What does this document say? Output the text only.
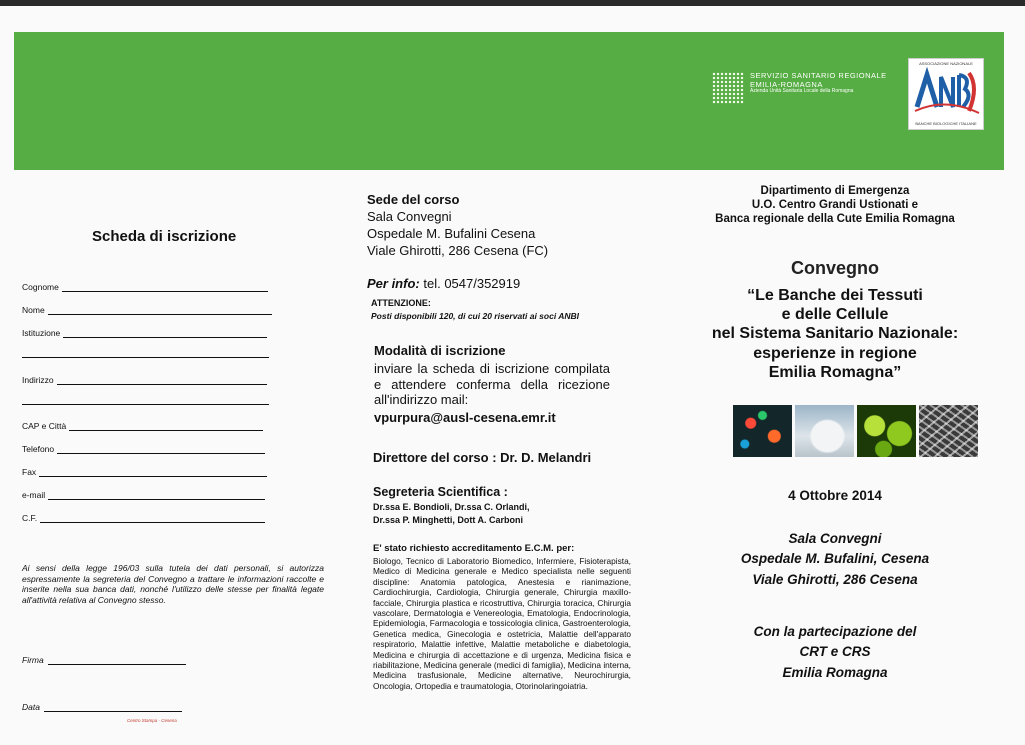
SERVIZIO SANITARIO REGIONALE
EMILIA-ROMAGNA
Azienda Unità Sanitaria Locale della Romagna
ASSOCIAZIONE NAZIONALE
BANCHE BIOLOGICHE ITALIANE
Scheda di iscrizione
Cognome
Nome
Istituzione
Indirizzo
CAP e Città
Telefono
Fax
e-mail
C.F.
Ai sensi della legge 196/03 sulla tutela dei dati personali, si autorizza espressamente la segreteria del Convegno a trattare le informazioni raccolte e inserite nella sua banca dati, nonché l'utilizzo delle stesse per finalità legate all'attività relativa al Convegno stesso.
Firma
Data
Centro Stampa · Cesena
Sede del corso
Sala Convegni
Ospedale M. Bufalini Cesena
Viale Ghirotti, 286 Cesena (FC)
Per info: tel. 0547/352919
ATTENZIONE:
Posti disponibili 120, di cui 20 riservati ai soci ANBI
Modalità di iscrizione
inviare la scheda di iscrizione compilata e attendere conferma della ricezione all'indirizzo mail:
vpurpura@ausl-cesena.emr.it
Direttore del corso : Dr. D. Melandri
Segreteria Scientifica :
Dr.ssa E. Bondioli, Dr.ssa C. Orlandi,
Dr.ssa P. Minghetti, Dott A. Carboni
E' stato richiesto accreditamento E.C.M. per:
Biologo, Tecnico di Laboratorio Biomedico, Infermiere, Fisioterapista, Medico di Medicina generale e Medico specialista nelle seguenti discipline: Anatomia patologica, Anestesia e rianimazione, Cardiochirurgia, Cardiologia, Chirurgia generale, Chirurgia maxillo-facciale, Chirurgia plastica e ricostruttiva, Chirurgia toracica, Chirurgia vascolare, Dermatologia e Venereologia, Ematologia, Endocrinologia, Epidemiologia, Farmacologia e tossicologia clinica, Gastroenterologia, Genetica medica, Ginecologia e ostetricia, Malattie dell'apparato respiratorio, Malattie infettive, Malattie metaboliche e diabetologia, Medicina e chirurgia di accettazione e di urgenza, Medicina fisica e riabilitazione, Medicina generale (medici di famiglia), Medicina interna, Medicina trasfusionale, Medicine alternative, Neurochirurgia, Oncologia, Ortopedia e traumatologia, Otorinolaringoiatria.
Dipartimento di Emergenza
U.O. Centro Grandi Ustionati e
Banca regionale della Cute Emilia Romagna
Convegno
“Le Banche dei Tessuti
e delle Cellule
nel Sistema Sanitario Nazionale:
esperienze in regione
Emilia Romagna”
4 Ottobre 2014
Sala Convegni
Ospedale M. Bufalini, Cesena
Viale Ghirotti, 286 Cesena
Con la partecipazione del
CRT e CRS
Emilia Romagna
